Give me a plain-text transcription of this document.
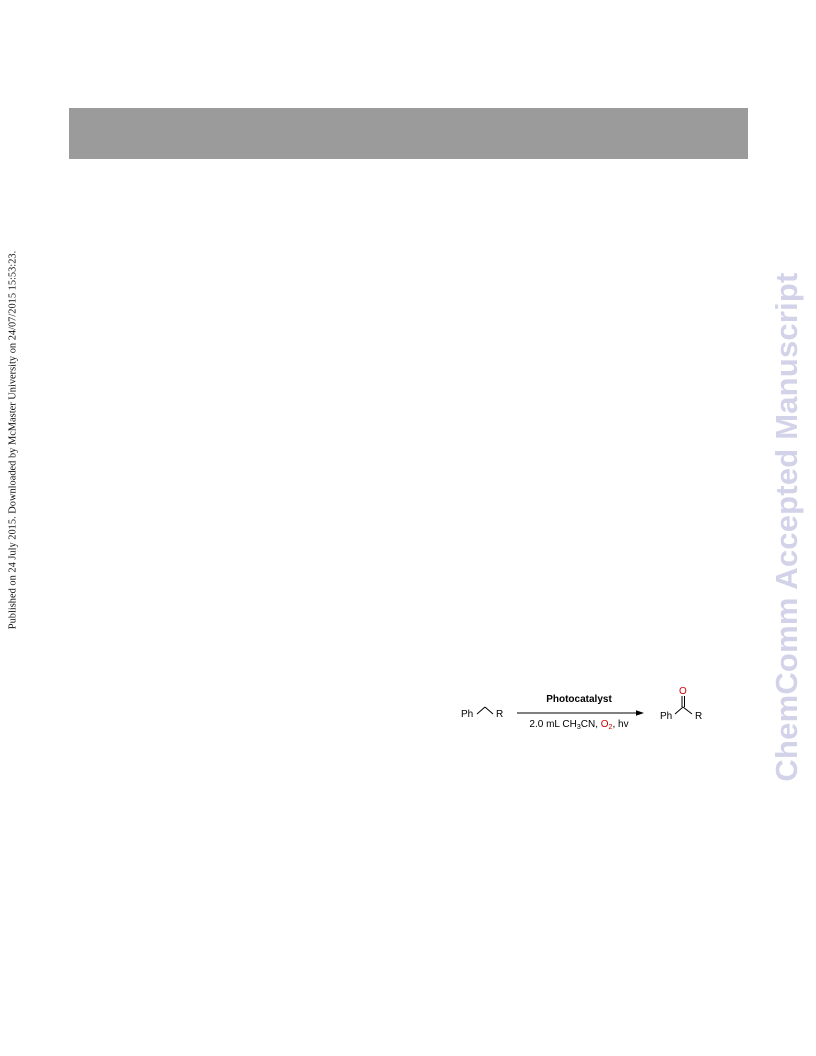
Published on 24 July 2015. Downloaded by McMaster University on 24/07/2015 15:53:23.	ChemComm Accepted Manuscript
Ph R
Photocatalyst
2.0 mL $CH_3CN$, $O_2$, hv
O
Ph R
